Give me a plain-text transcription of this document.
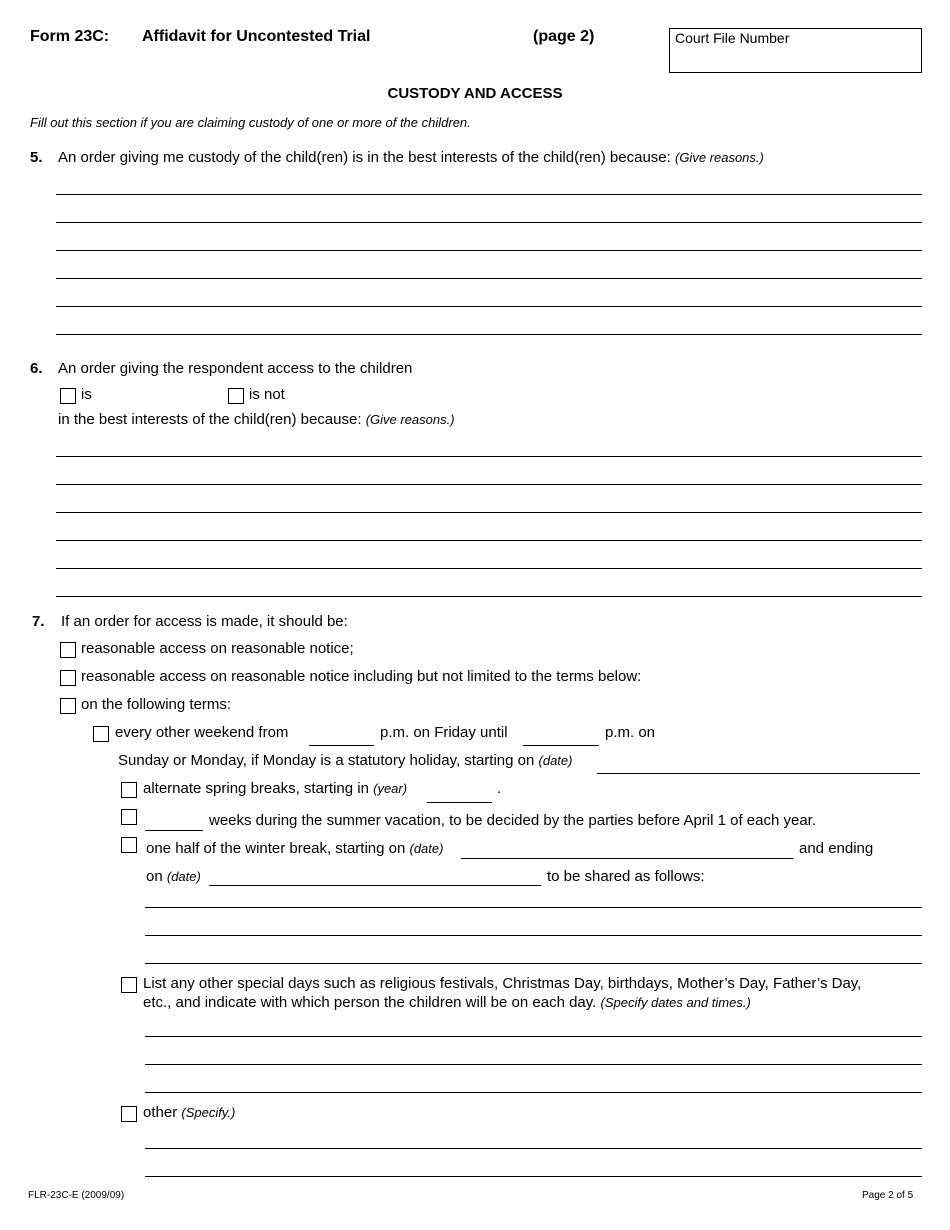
Form 23C: Affidavit for Uncontested Trial	(page 2)	Court File Number
CUSTODY AND ACCESS
Fill out this section if you are claiming custody of one or more of the children.
5. An order giving me custody of the child(ren) is in the best interests of the child(ren) because: (Give reasons.)
6. An order giving the respondent access to the children
is	is not
in the best interests of the child(ren) because: (Give reasons.)
7. If an order for access is made, it should be:
reasonable access on reasonable notice;
reasonable access on reasonable notice including but not limited to the terms below:
on the following terms:
every other weekend from	p.m. on Friday until	p.m. on
Sunday or Monday, if Monday is a statutory holiday, starting on (date)
alternate spring breaks, starting in (year)	.
weeks during the summer vacation, to be decided by the parties before April 1 of each year.
one half of the winter break, starting on (date)	and ending
on (date)	to be shared as follows:
List any other special days such as religious festivals, Christmas Day, birthdays, Mother’s Day, Father’s Day,
etc., and indicate with which person the children will be on each day. (Specify dates and times.)
other (Specify.)
FLR-23C-E (2009/09)	Page 2 of 5
